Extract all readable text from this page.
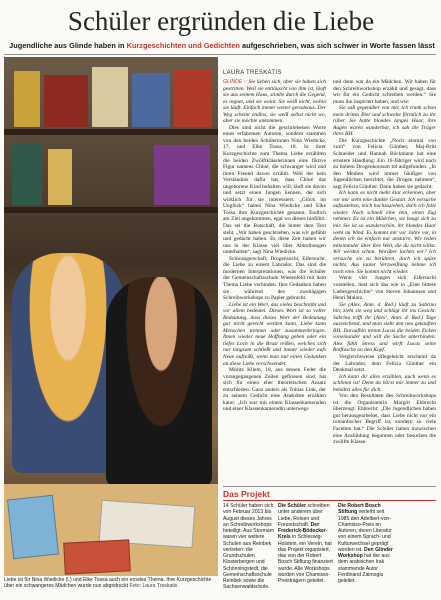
Schüler ergründen die Liebe
Jugendliche aus Glinde haben in Kurzgeschichten und Gedichten aufgeschrieben, was sich schwer in Worte fassen lässt
Liebe ist für Nina Wiedicke (l.) und Elke Tossa auch ein ernstes Thema. Ihre Kurzgeschichte über ein schwangeres Mädchen wurde nun abgedruckt Foto: Laura Treskatis
LAURA TRESKATIS

GLINDE :: Sie lieben sich, aber sie haben sich gestritten. Weil sie enttäuscht von ihm ist, läuft sie aus seinem Haus, stimbe durch die Gegend, es regnet, und sie weint. Sie weiß nicht, wohin sie läuft. Einfach immer weiter geradeaus. Der Weg scheint endlos, sie weiß selbst nicht wo, aber sie möchte ankommen.

Dies sind nicht die geschriebenen Worte eines erfahrenen Autoren, sondern stammen von den beiden Schülerinnen Nina Wiedicke, 17, und Elke Tossa, 18. In ihrer Kurzgeschichte zum Thema Liebe erzählten die beiden Zwölftklässlerinnen eine fiktive Figur namens Chloé, die schwanger wird und ihren Freund davon erzählt. Weil der kein Verständnis dafür hat, dass Chloé das ungeborene Kind behalten will, läuft sie davon und setzt einen Jungen kennen, der sich wirklich für sie interessiert. „Glück im Unglück“ haben Nina Wiedicke und Elke Tossa ihre Kurzgeschichte genannt. Endlich am Ziel angekommen, egal wo dieses hinführt. Das sei die Botschaft, die hinter dem Text steht. „Wir haben geschrieben, was wir gefühlt und gedacht haben. Es diese Zeit haben wir uns in der Klasse viel über Abtreibungen unterhalten“, sagt Nina Wiedicke.

Schwangerschaft, Drogensucht, Eifersucht, die Liebe zu einem Labrador. Das sind die modernen Interpretationen, was die Schüler der Gemeinschaftsschule Wiesenfeld mit dem Thema Liebe verbinden. Ihre Gedanken haben sie während des zweitägigen Schreibworkshops zu Papier gebracht.

Liebe ist ein Wort, das vieles beschreibt und vor allem bedeutet. Dieses Wort ist so voller Bedeutung, dass dieses Wort der Bedeutung gar nicht gerecht werden kann. Liebe kann Menschen trennen oder zusammenbringen. Ihnen wieder neue Hoffnung geben oder ein tiefes Loch in die Brust reißen, welches sich nur langsam schließt und immer wieder aufs Neue aufreißt, wenn man nur einen Gedanken an diese Liebe verschwendet.

Moritz Kliem, 18, aus dessen Feder die vorangegangenen Zeilen geflossen sind, hat sich für einen eher theoretischen Ansatz entschieden. Ganz anders als Tobias Link, der zu seinem Gedicht eine Anekdote erzählen kann: „Ich war mit einem Klassenkameraden und einer Klassenkameradin unterwegs

und dann war da ein Mädchen. Wir haben für den Schreibworkshop erzählt und gesagt, dass wir für ein Gedicht schreiben werden.“ Sie muss ihn inspiriert haben, und wie:

Sie saß gegenüber von mir, ich trank schon mein drittes Bier und schwelte förmlich zu ihr rüber. Sie hatte blondes langes Haar, ihre Augen waren wunderbar, ich sah die Träger ihres BH.

Die Kurzgeschichte „Noch einmal von vorn“ von Felicia Günther, Maj-Britt Schneider und Hannah Böckmann hat eine ernstere Handlung: Ein 16-Jähriger wird nach zu hohem Drogenkonsum tot aufgefunden. „In den Medien wird immer häufiger von Jugendlichen berichtet, die Drogen nehmen“, sagt Felicia Günther. Dann haben sie gedacht:

Ich kann es nicht mehr klar erkennen, aber vor mir steht eine dunkle Gestalt. Ich versuche aufzustehen, mich hochzuziehen, doch ich falle wieder. Noch schnell eine rein, einen Zug nehmen. Es ist ein Mädchen, sie beugt sich zu mir. Sie ist so wunderschön, ihr blondes Haar weht im Wind. Es kommt mir vor Jahre vor, in denen ich sie einfach nur anstarre. Wir reden miteinander über ihre Welt, die du nicht willst. Wir werden schon. Worüber lachen wir? Ich versuche sie zu berühren, doch ich spüre nichts. Aus lauter Verzweiflung nehme ich noch eine. Sie kommt nicht wieder.

Wenn vier Jungen sich Eifersucht vorstellen, liest sich das wie in „Eine bittere Liebesgeschichte“ von Steven Johannsen und Henri Malarz.

Sie (Alex, Anm. d. Red.) läuft zu Sabrina hin, zieht sie weg und schlägt ihr ins Gesicht. Sabrina trifft ihr (Alex‘, Anm. d. Red.) Tage ausreichend, und man sieht den neu gekauften BH. Daraufhin trennt Lucas die beiden Zicken voneinander und will die Sache unterbinden. Alex fühlt Stress und wirft Lucas seine Rotflasche an den Kopf.

Vergleichsweise pflegeleicht erscheint da der Labrador, dem Felicia Günther ein Denkmal setzt.

Ich kann dir alles erzählen, auch wenn es schlimm ist! Denn du hörst mir immer zu und behältst alles für dich.

Von den Resultaten des Schreibworkshops ist die Organisatorin Margrit Ehbrecht überzeugt. Ehbrecht: „Die Jugendlichen haben gut herausgearbeitet, dass Liebe nicht nur ein romantischer Begriff ist, sondern so viele Facetten hat.“ Die Schüler haben inzwischen eine Ausbildung begonnen oder besuchen die zwölfte Klasse.

Das Projekt

14 Schüler haben sich von Februar 2013 bis August dieses Jahres an Schreibworkshops beteiligt. Aus Stormarn waren vier weitere Schulen aus Reinbek vertreten: die Grundschulen Klosterbergen und Schönningstedt, die Gemeinschaftsschule Reinbek sowie die Sachsenwaldschule.

Die Schüler schreiben unter anderem über Liebe, Reisen und Freundschaft. Der Frederick-Bödecker-Kreis in Schleswig-Holstein, ein Verein, hat das Projekt organisiert, das von der Robert Bosch Stiftung finanziert wurde. Alle Workshops wurden von Chamisso-Preisträgern geleitet.

Die Robert Bosch Stiftung verleiht seit 1985 den Adelbert-von-Chamisso-Preis an Autoren, deren Literatur von einem Sprach- und Kulturwechsel geprägt worden ist. Den Glinder Workshop hat der aus dem arabischen Irak stammende Autor Ferdinand Zaimoglu geleitet.
